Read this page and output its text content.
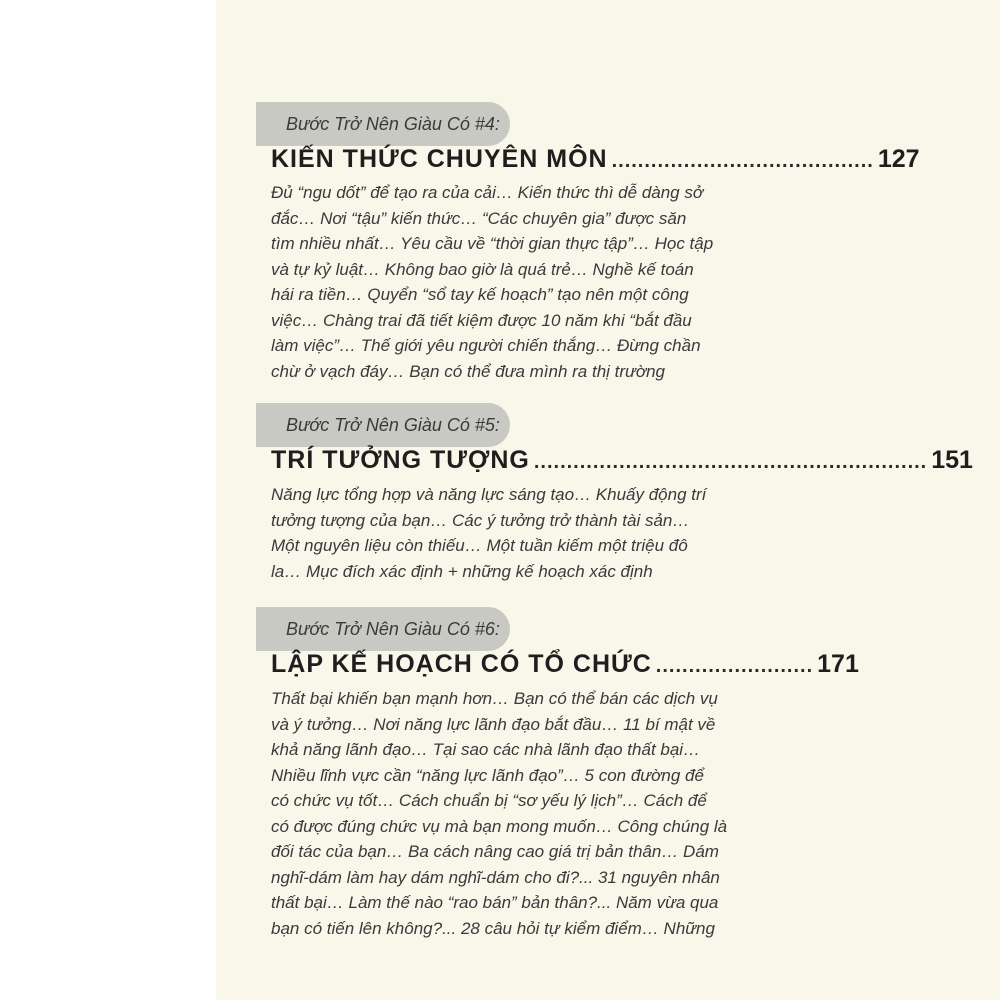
Bước Trở Nên Giàu Có #4:
KIẾN THỨC CHUYÊN MÔN ........................................ 127

Đủ “ngu dốt” để tạo ra của cải… Kiến thức thì dễ dàng sở
đắc… Nơi “tậu” kiến thức… “Các chuyên gia” được săn
tìm nhiều nhất… Yêu cầu về “thời gian thực tập”… Học tập
và tự kỷ luật… Không bao giờ là quá trẻ… Nghề kế toán
hái ra tiền… Quyển “sổ tay kế hoạch” tạo nên một công
việc… Chàng trai đã tiết kiệm được 10 năm khi “bắt đầu
làm việc”… Thế giới yêu người chiến thắng… Đừng chần
chừ ở vạch đáy… Bạn có thể đưa mình ra thị trường

Bước Trở Nên Giàu Có #5:
TRÍ TƯỞNG TƯỢNG ............................................................ 151

Năng lực tổng hợp và năng lực sáng tạo… Khuấy động trí
tưởng tượng của bạn… Các ý tưởng trở thành tài sản…
Một nguyên liệu còn thiếu… Một tuần kiếm một triệu đô
la… Mục đích xác định + những kế hoạch xác định

Bước Trở Nên Giàu Có #6:
LẬP KẾ HOẠCH CÓ TỔ CHỨC ........................ 171

Thất bại khiến bạn mạnh hơn… Bạn có thể bán các dịch vụ
và ý tưởng… Nơi năng lực lãnh đạo bắt đầu… 11 bí mật về
khả năng lãnh đạo… Tại sao các nhà lãnh đạo thất bại…
Nhiều lĩnh vực cần “năng lực lãnh đạo”… 5 con đường để
có chức vụ tốt… Cách chuẩn bị “sơ yếu lý lịch”… Cách để
có được đúng chức vụ mà bạn mong muốn… Công chúng là
đối tác của bạn… Ba cách nâng cao giá trị bản thân… Dám
nghĩ-dám làm hay dám nghĩ-dám cho đi?... 31 nguyên nhân
thất bại… Làm thế nào “rao bán” bản thân?... Năm vừa qua
bạn có tiến lên không?... 28 câu hỏi tự kiểm điểm… Những
